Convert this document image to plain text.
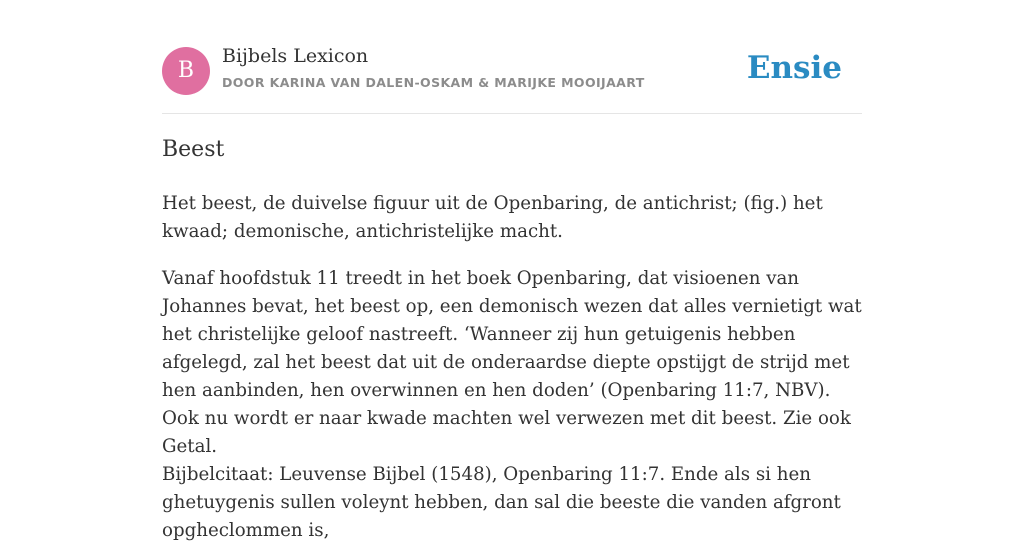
B
Bijbels Lexicon
DOOR KARINA VAN DALEN-OSKAM & MARIJKE MOOIJAART	Ensie
Beest

Het beest, de duivelse figuur uit de Openbaring, de antichrist; (fig.) het kwaad; demonische, antichristelijke macht.

Vanaf hoofdstuk 11 treedt in het boek Openbaring, dat visioenen van Johannes bevat, het beest op, een demonisch wezen dat alles vernietigt wat het christelijke geloof nastreeft. ‘Wanneer zij hun getuigenis hebben afgelegd, zal het beest dat uit de onderaardse diepte opstijgt de strijd met hen aanbinden, hen overwinnen en hen doden’ (Openbaring 11:7, NBV). Ook nu wordt er naar kwade machten wel verwezen met dit beest. Zie ook Getal.

Bijbelcitaat: Leuvense Bijbel (1548), Openbaring 11:7. Ende als si hen ghetuygenis sullen voleynt hebben, dan sal die beeste die vanden afgront opgheclommen is,
